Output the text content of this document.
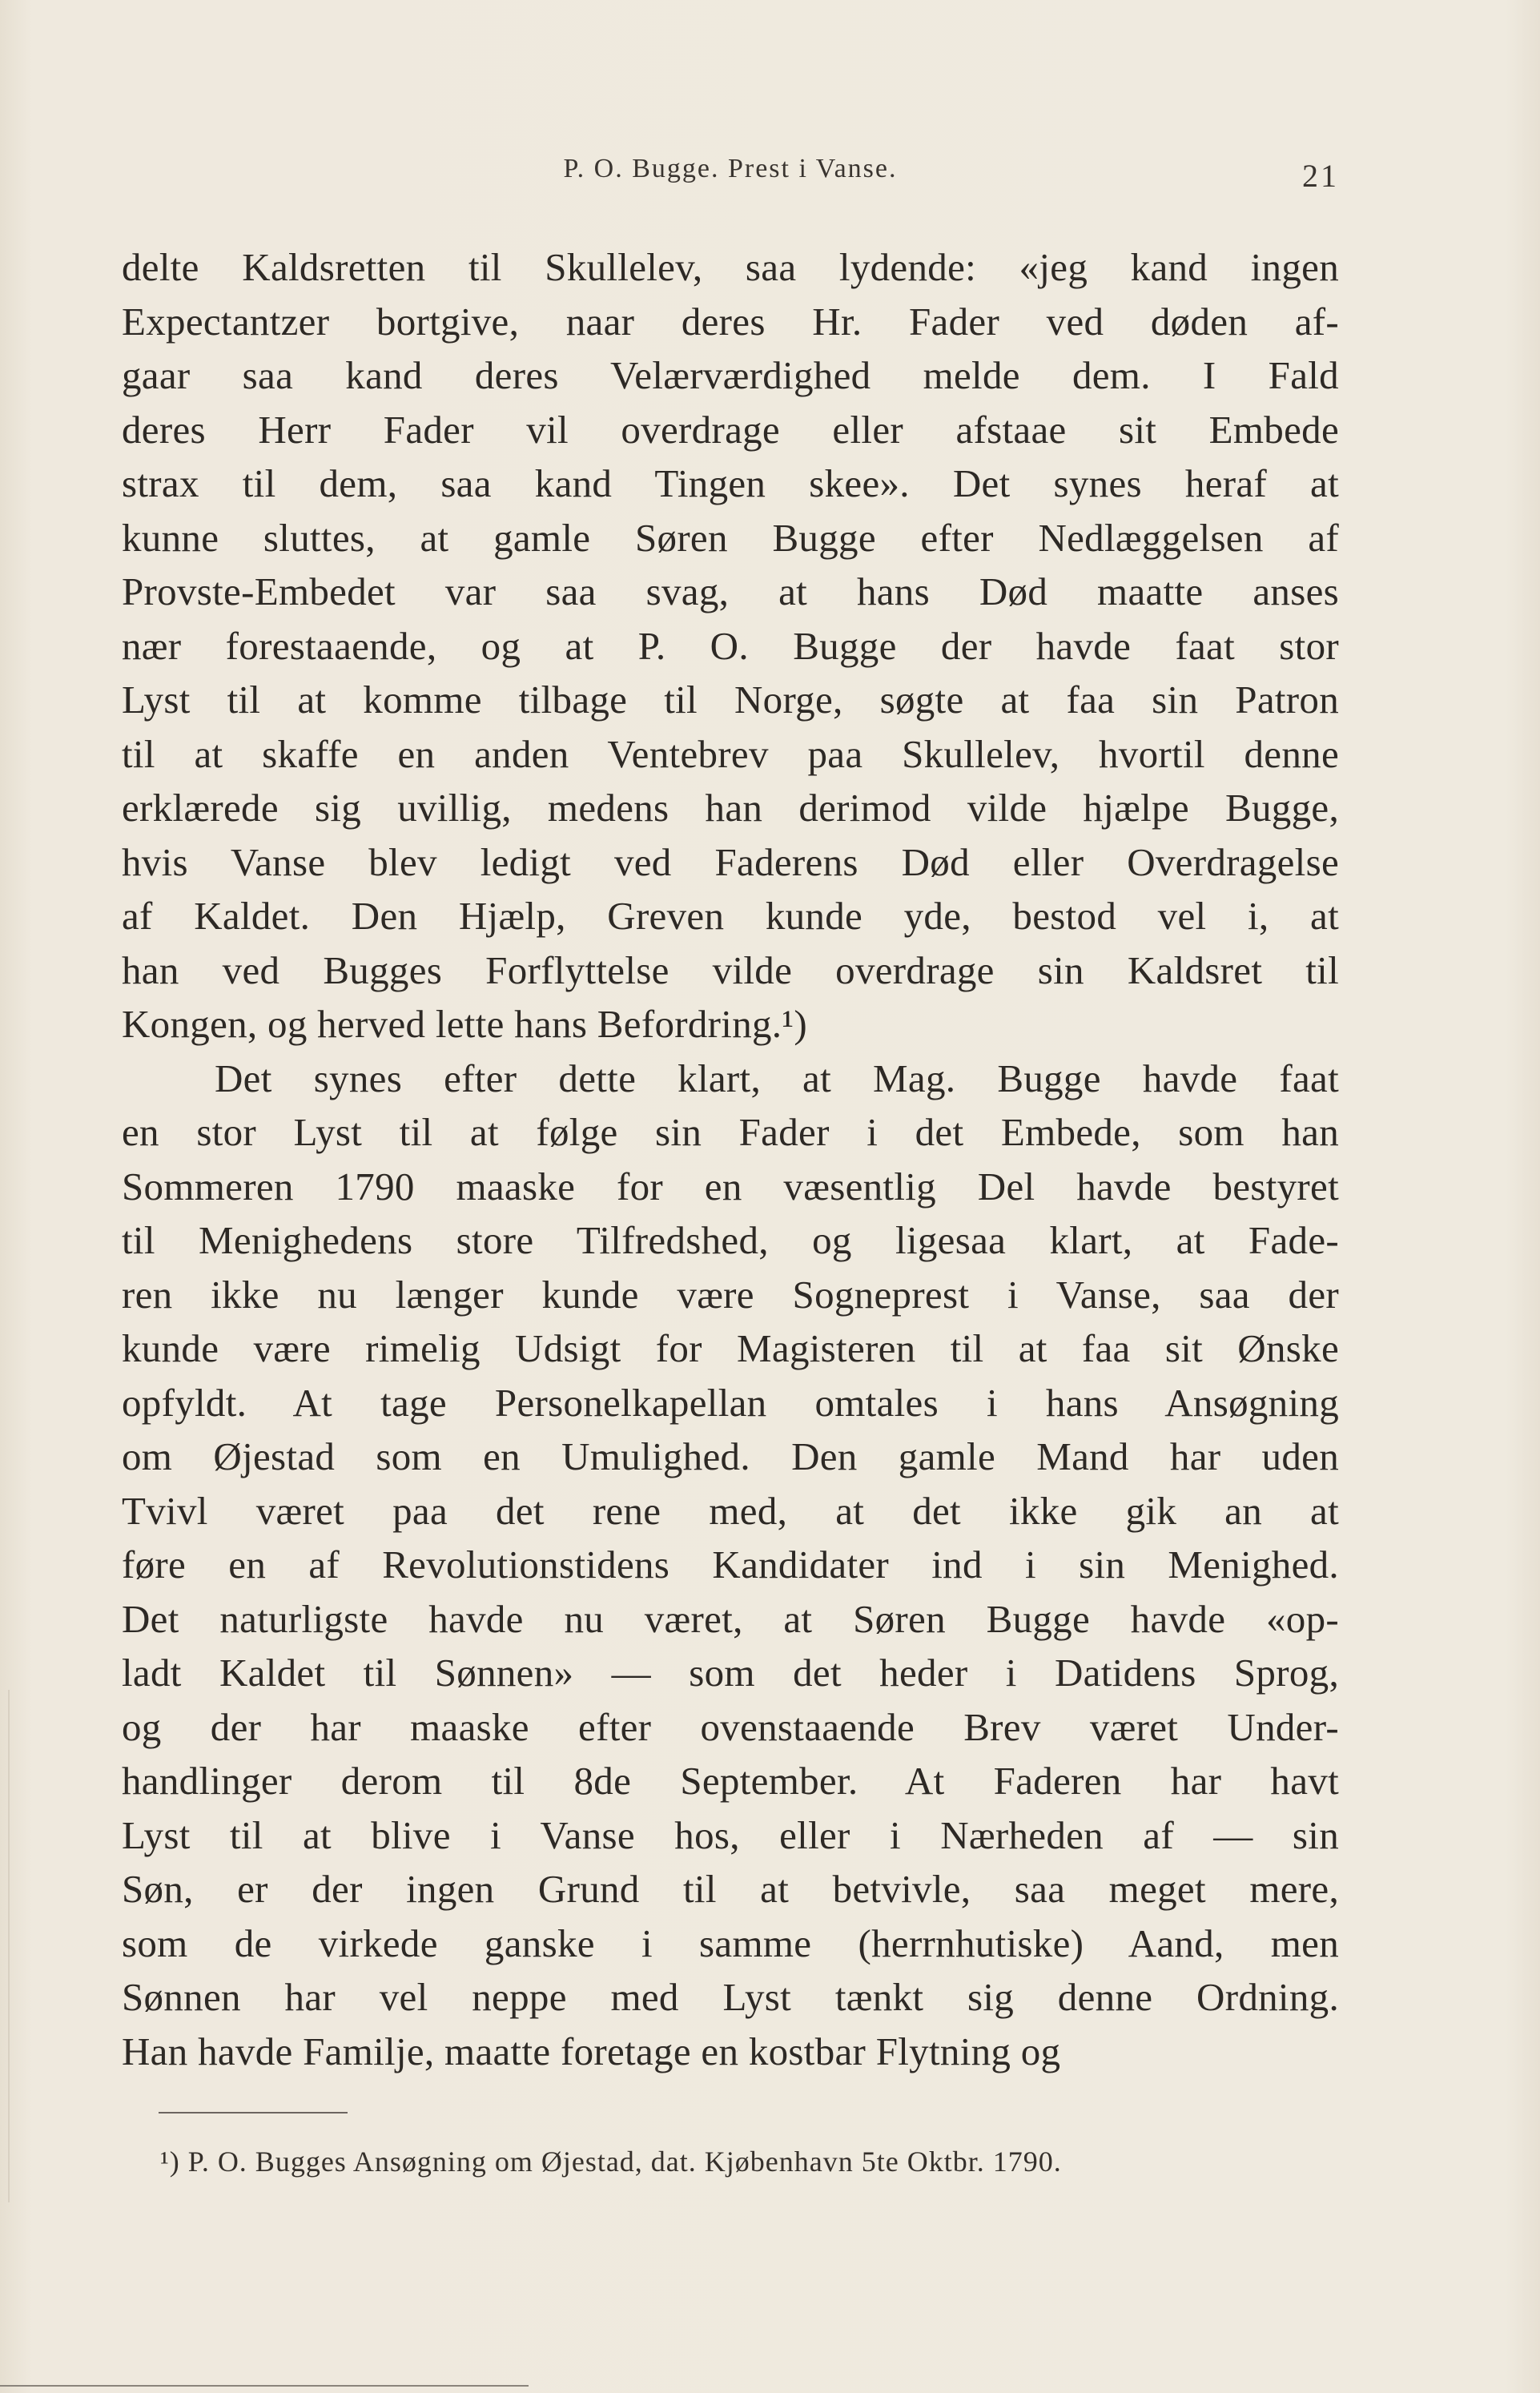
P. O. Bugge. Prest i Vanse.	21
delte Kaldsretten til Skullelev, saa lydende: «jeg kand ingen
Expectantzer bortgive, naar deres Hr. Fader ved døden af-
gaar saa kand deres Velærværdighed melde dem. I Fald
deres Herr Fader vil overdrage eller afstaae sit Embede
strax til dem, saa kand Tingen skee». Det synes heraf at
kunne sluttes, at gamle Søren Bugge efter Nedlæggelsen af
Provste-Embedet var saa svag, at hans Død maatte anses
nær forestaaende, og at P. O. Bugge der havde faat stor
Lyst til at komme tilbage til Norge, søgte at faa sin Patron
til at skaffe en anden Ventebrev paa Skullelev, hvortil denne
erklærede sig uvillig, medens han derimod vilde hjælpe Bugge,
hvis Vanse blev ledigt ved Faderens Død eller Overdragelse
af Kaldet. Den Hjælp, Greven kunde yde, bestod vel i, at
han ved Bugges Forflyttelse vilde overdrage sin Kaldsret til
Kongen, og herved lette hans Befordring.¹)
Det synes efter dette klart, at Mag. Bugge havde faat
en stor Lyst til at følge sin Fader i det Embede, som han
Sommeren 1790 maaske for en væsentlig Del havde bestyret
til Menighedens store Tilfredshed, og ligesaa klart, at Fade-
ren ikke nu længer kunde være Sogneprest i Vanse, saa der
kunde være rimelig Udsigt for Magisteren til at faa sit Ønske
opfyldt. At tage Personelkapellan omtales i hans Ansøgning
om Øjestad som en Umulighed. Den gamle Mand har uden
Tvivl været paa det rene med, at det ikke gik an at
føre en af Revolutionstidens Kandidater ind i sin Menighed.
Det naturligste havde nu været, at Søren Bugge havde «op-
ladt Kaldet til Sønnen» — som det heder i Datidens Sprog,
og der har maaske efter ovenstaaende Brev været Under-
handlinger derom til 8de September. At Faderen har havt
Lyst til at blive i Vanse hos, eller i Nærheden af — sin
Søn, er der ingen Grund til at betvivle, saa meget mere,
som de virkede ganske i samme (herrnhutiske) Aand, men
Sønnen har vel neppe med Lyst tænkt sig denne Ordning.
Han havde Familje, maatte foretage en kostbar Flytning og
¹) P. O. Bugges Ansøgning om Øjestad, dat. Kjøbenhavn 5te Oktbr. 1790.
